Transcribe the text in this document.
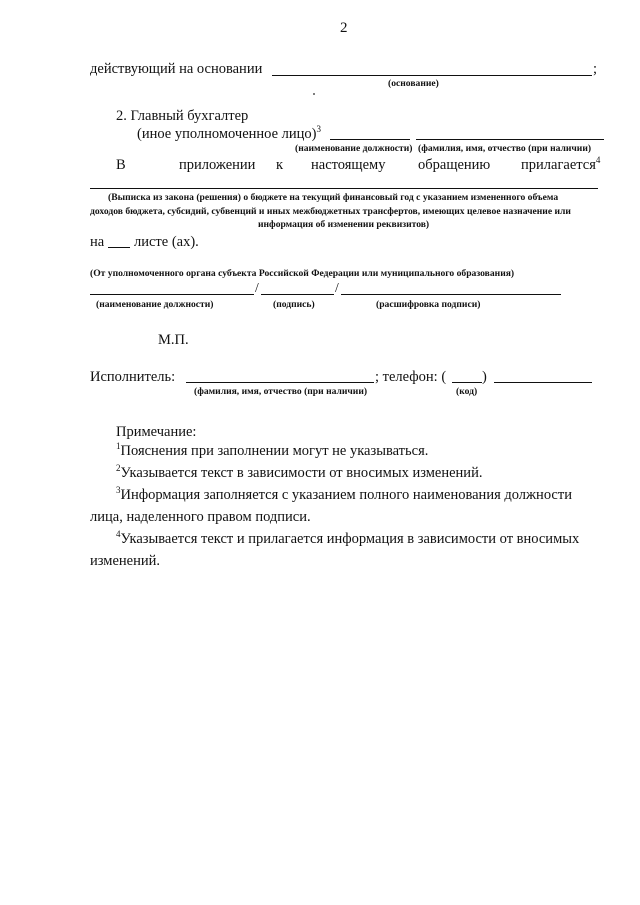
2
действующий на основании	;
(основание)
2. Главный бухгалтер
(иное уполномоченное лицо)$^3$
(наименование должности) (фамилия, имя, отчество (при наличии)
В	приложении к настоящему обращению прилагается$^4$
(Выписка из закона (решения) о бюджете на текущий финансовый год с указанием измененного объема
доходов бюджета, субсидий, субвенций и иных межбюджетных трансфертов, имеющих целевое назначение или
информация об изменении реквизитов)
на листе (ах).
(От уполномоченного органа субъекта Российской Федерации или муниципального образования)
/	/
(наименование должности)	(подпись)	(расшифровка подписи)
М.П.
Исполнитель:	; телефон: ( )
(фамилия, имя, отчество (при наличии)	(код)
Примечание:
$^1$Пояснения при заполнении могут не указываться.
$^2$Указывается текст в зависимости от вносимых изменений.
$^3$Информация заполняется с указанием полного наименования должности
лица, наделенного правом подписи.
$^4$Указывается текст и прилагается информация в зависимости от вносимых
изменений.
